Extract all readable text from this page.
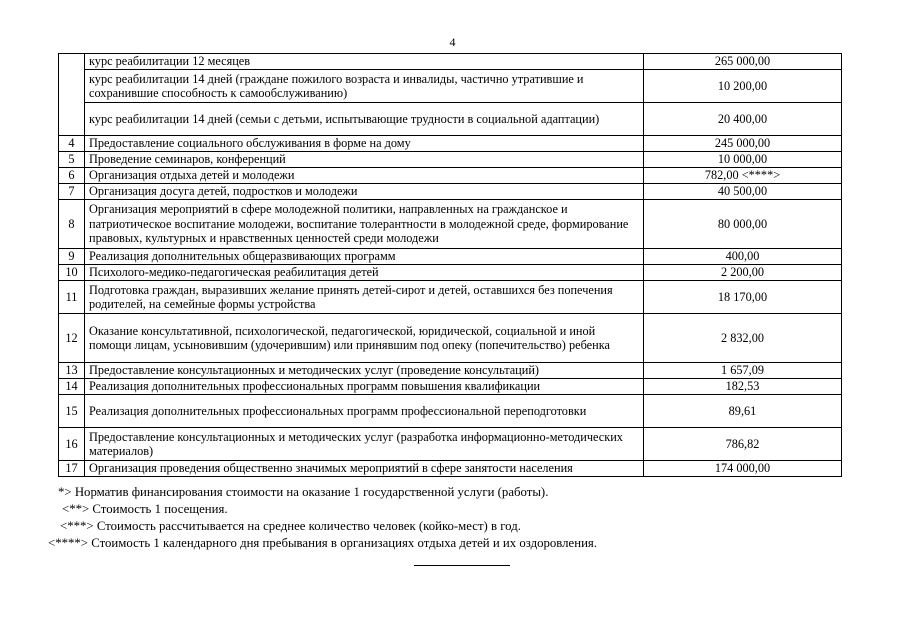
4
	курс реабилитации 12 месяцев	265 000,00
	курс реабилитации 14 дней (граждане пожилого возраста и инвалиды, частично утратившие и сохранившие способность к самообслуживанию)	10 200,00
	курс реабилитации 14 дней (семьи с детьми, испытывающие трудности в социальной адаптации)	20 400,00
4	Предоставление социального обслуживания в форме на дому	245 000,00
5	Проведение семинаров, конференций	10 000,00
6	Организация отдыха детей и молодежи	782,00 <****>
7	Организация досуга детей, подростков и молодежи	40 500,00
8	Организация мероприятий в сфере молодежной политики, направленных на гражданское и патриотическое воспитание молодежи, воспитание толерантности в молодежной среде, формирование правовых, культурных и нравственных ценностей среди молодежи	80 000,00
9	Реализация дополнительных общеразвивающих программ	400,00
10	Психолого-медико-педагогическая реабилитация детей	2 200,00
11	Подготовка граждан, выразивших желание принять детей-сирот и детей, оставшихся без попечения родителей, на семейные формы устройства	18 170,00
12	Оказание консультативной, психологической, педагогической, юридической, социальной и иной помощи лицам, усыновившим (удочерившим) или принявшим под опеку (попечительство) ребенка	2 832,00
13	Предоставление консультационных и методических услуг (проведение консультаций)	1 657,09
14	Реализация дополнительных профессиональных программ повышения квалификации	182,53
15	Реализация дополнительных профессиональных программ профессиональной переподготовки	89,61
16	Предоставление консультационных и методических услуг (разработка информационно-методических материалов)	786,82
17	Организация проведения общественно значимых мероприятий в сфере занятости населения	174 000,00
*> Норматив финансирования стоимости на оказание 1 государственной услуги (работы).
<**> Стоимость 1 посещения.
<***> Стоимость рассчитывается на среднее количество человек (койко-мест) в год.
<****> Стоимость 1 календарного дня пребывания в организациях отдыха детей и их оздоровления.
